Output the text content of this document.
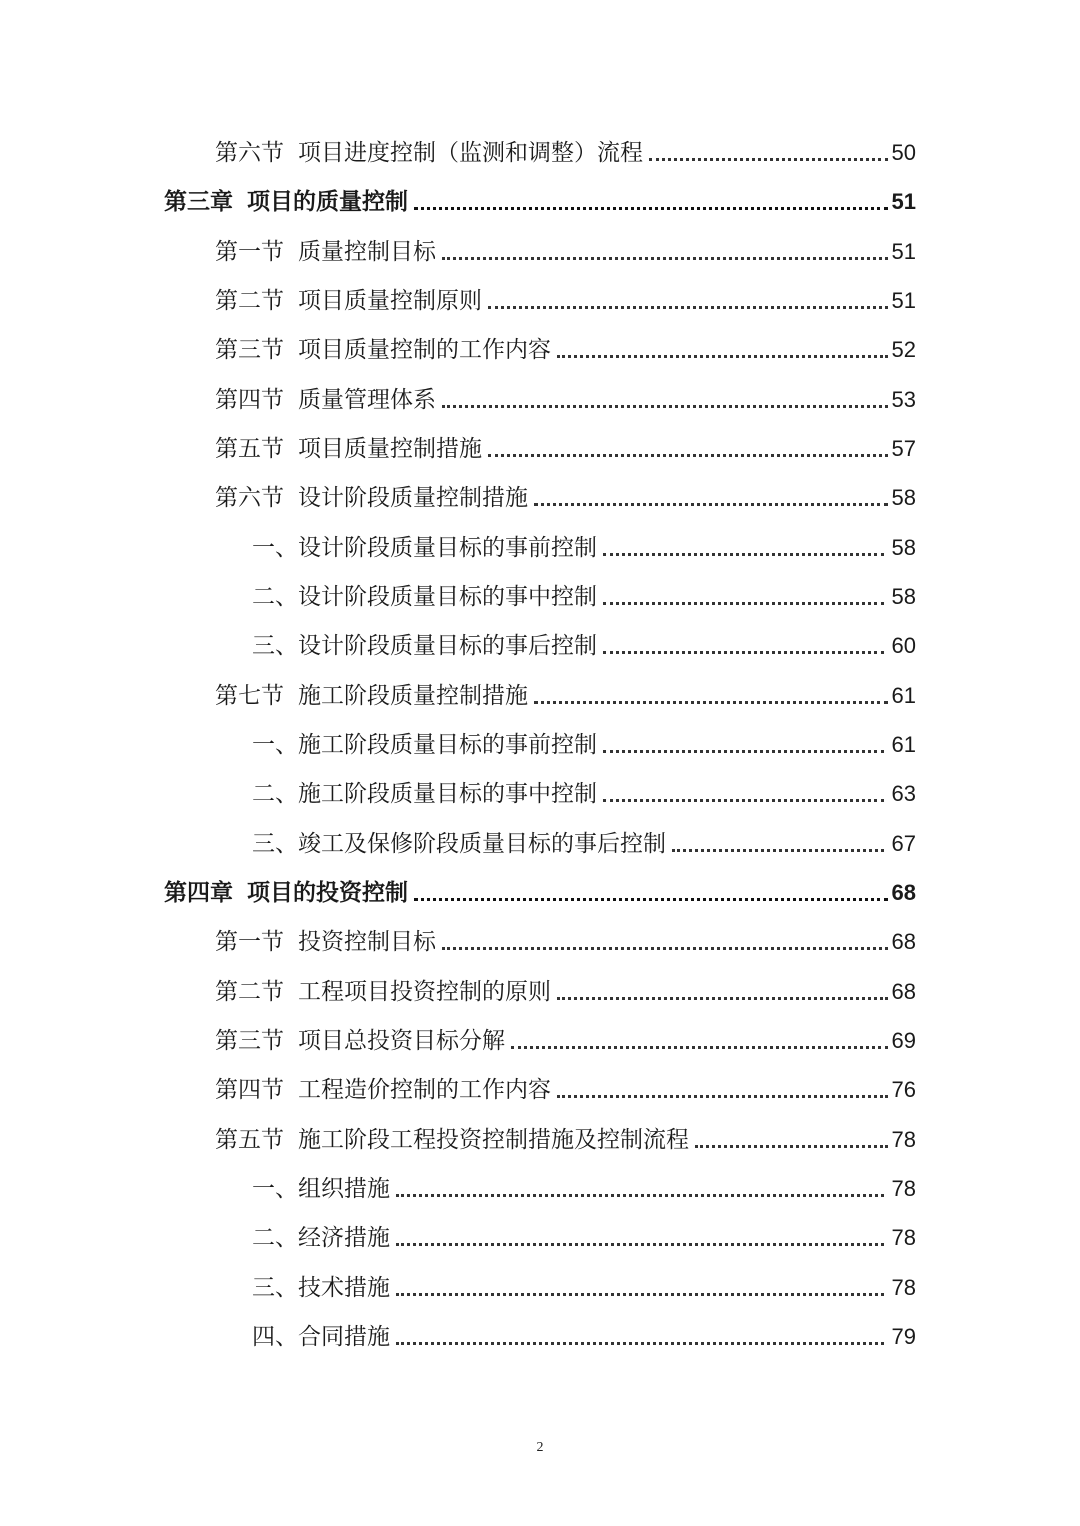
第六节 项目进度控制（监测和调整）流程	50
第三章 项目的质量控制	51
第一节 质量控制目标	51
第二节 项目质量控制原则	51
第三节 项目质量控制的工作内容	52
第四节 质量管理体系	53
第五节 项目质量控制措施	57
第六节 设计阶段质量控制措施	58
一、设计阶段质量目标的事前控制	58
二、设计阶段质量目标的事中控制	58
三、设计阶段质量目标的事后控制	60
第七节 施工阶段质量控制措施	61
一、施工阶段质量目标的事前控制	61
二、施工阶段质量目标的事中控制	63
三、竣工及保修阶段质量目标的事后控制	67
第四章 项目的投资控制	68
第一节 投资控制目标	68
第二节 工程项目投资控制的原则	68
第三节 项目总投资目标分解	69
第四节 工程造价控制的工作内容	76
第五节 施工阶段工程投资控制措施及控制流程	78
一、组织措施	78
二、经济措施	78
三、技术措施	78
四、合同措施	79
2
